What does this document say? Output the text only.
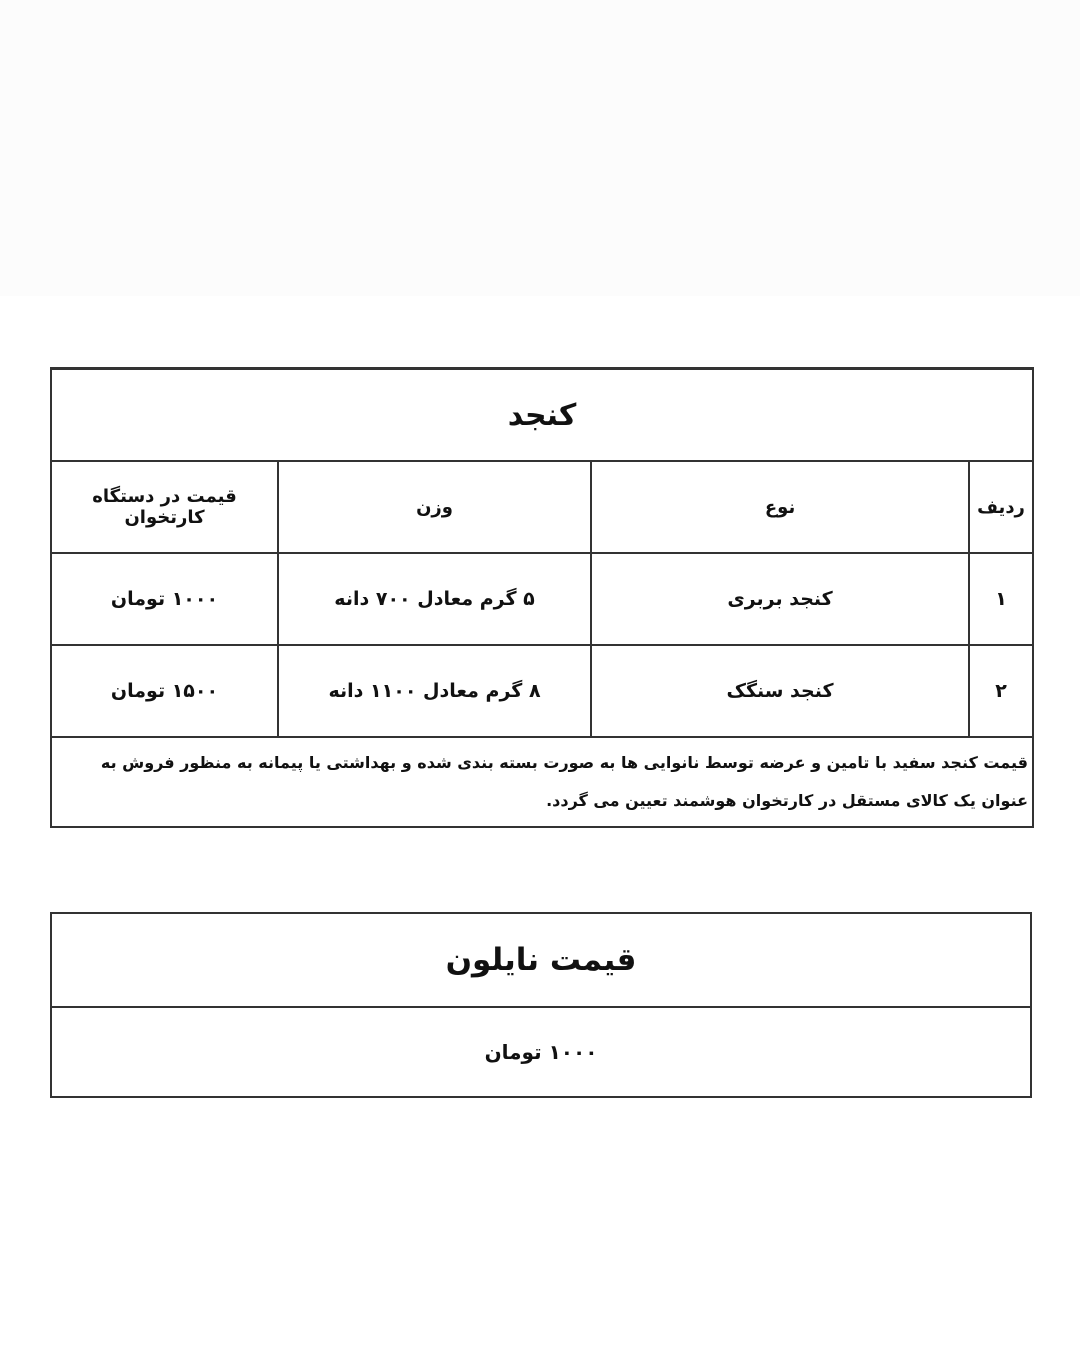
کنجد			
ردیف	نوع	وزن	قیمت در دستگاه کارتخوان
۱	کنجد بربری	۵ گرم معادل ۷۰۰ دانه	۱۰۰۰ تومان
۲	کنجد سنگک	۸ گرم معادل ۱۱۰۰ دانه	۱۵۰۰ تومان

قیمت کنجد سفید با تامین و عرضه توسط نانوایی ها به صورت بسته بندی شده و بهداشتی یا پیمانه به منظور فروش به عنوان یک کالای مستقل در کارتخوان هوشمند تعیین می گردد.			
قیمت نایلون
۱۰۰۰ تومان
